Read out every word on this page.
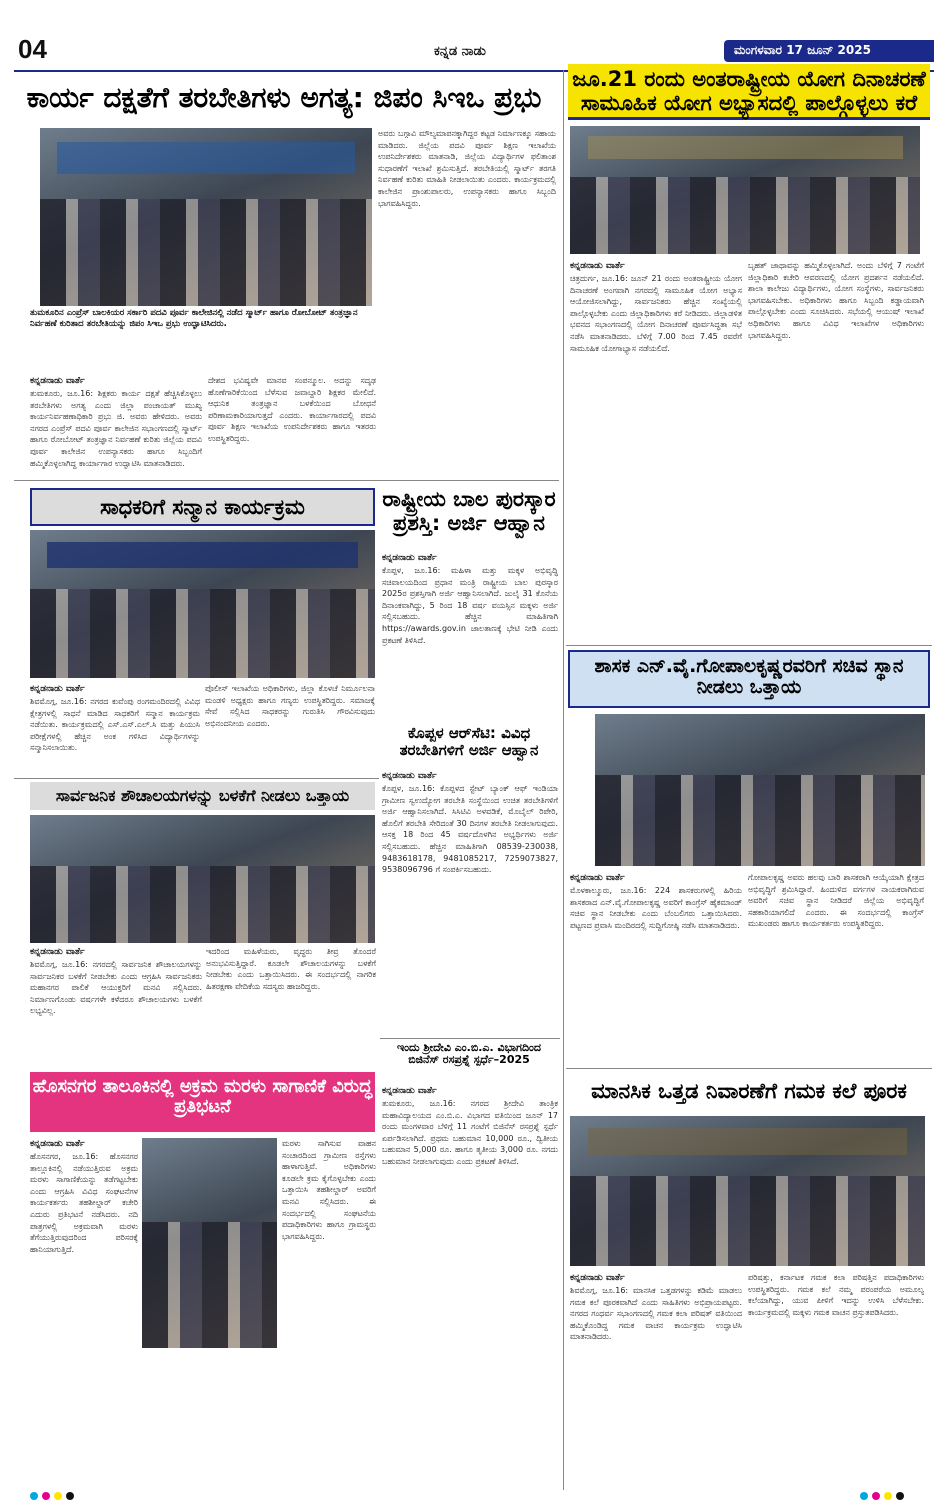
04	ಕನ್ನಡ ನಾಡು	ಮಂಗಳವಾರ 17 ಜೂನ್ 2025
ಕಾರ್ಯ ದಕ್ಷತೆಗೆ ತರಬೇತಿಗಳು ಅಗತ್ಯ: ಜಿಪಂ ಸಿಇಒ ಪ್ರಭು
ತುಮಕೂರಿನ ಎಂಪ್ರೆಸ್ ಬಾಲಕಿಯರ ಸರ್ಕಾರಿ ಪದವಿ ಪೂರ್ವ ಕಾಲೇಜಿನಲ್ಲಿ ನಡೆದ ಸ್ಮಾರ್ಟ್ ಹಾಗೂ ರೋಬೋಟ್ ತಂತ್ರಜ್ಞಾನ ನಿರ್ವಹಣೆ ಕುರಿತಾದ ತರಬೇತಿಯನ್ನು ಜಿಪಂ ಸಿಇಒ ಪ್ರಭು ಉದ್ಘಾಟಿಸಿದರು.
ಅವರು ಬಗ್ಗಾವಿ ಮೌಲ್ಯಮಾಪನಕ್ಕಾಗಿದ್ದರ ಕಟ್ಟಡ ನಿರ್ಮಾಣಕ್ಕೂ ಸಹಾಯ ಮಾಡಿದರು. ಜಿಲ್ಲೆಯ ಪದವಿ ಪೂರ್ವ ಶಿಕ್ಷಣ ಇಲಾಖೆಯ ಉಪನಿರ್ದೇಶಕರು ಮಾತನಾಡಿ, ಜಿಲ್ಲೆಯ ವಿದ್ಯಾರ್ಥಿಗಳ ಫಲಿತಾಂಶ ಸುಧಾರಣೆಗೆ ಇಲಾಖೆ ಶ್ರಮಿಸುತ್ತಿದೆ. ತರಬೇತಿಯಲ್ಲಿ ಸ್ಮಾರ್ಟ್ ತರಗತಿ ನಿರ್ವಹಣೆ ಕುರಿತು ಮಾಹಿತಿ ನೀಡಲಾಯಿತು ಎಂದರು. ಕಾರ್ಯಕ್ರಮದಲ್ಲಿ ಕಾಲೇಜಿನ ಪ್ರಾಂಶುಪಾಲರು, ಉಪನ್ಯಾಸಕರು ಹಾಗೂ ಸಿಬ್ಬಂದಿ ಭಾಗವಹಿಸಿದ್ದರು.
ಕನ್ನಡನಾಡು ವಾರ್ತೆ
ತುಮಕೂರು, ಜೂ.16: ಶಿಕ್ಷಕರು ಕಾರ್ಯ ದಕ್ಷತೆ ಹೆಚ್ಚಿಸಿಕೊಳ್ಳಲು ತರಬೇತಿಗಳು ಅಗತ್ಯ ಎಂದು ಜಿಲ್ಲಾ ಪಂಚಾಯತ್ ಮುಖ್ಯ ಕಾರ್ಯನಿರ್ವಹಣಾಧಿಕಾರಿ ಪ್ರಭು ಜಿ. ಅವರು ಹೇಳಿದರು. ಅವರು ನಗರದ ಎಂಪ್ರೆಸ್ ಪದವಿ ಪೂರ್ವ ಕಾಲೇಜಿನ ಸಭಾಂಗಣದಲ್ಲಿ ಸ್ಮಾರ್ಟ್ ಹಾಗೂ ರೋಬೋಟ್ ತಂತ್ರಜ್ಞಾನ ನಿರ್ವಹಣೆ ಕುರಿತು ಜಿಲ್ಲೆಯ ಪದವಿ ಪೂರ್ವ ಕಾಲೇಜಿನ ಉಪನ್ಯಾಸಕರು ಹಾಗೂ ಸಿಬ್ಬಂದಿಗೆ ಹಮ್ಮಿಕೊಳ್ಳಲಾಗಿದ್ದ ಕಾರ್ಯಾಗಾರ ಉದ್ಘಾಟಿಸಿ ಮಾತನಾಡಿದರು.
ದೇಶದ ಭವಿಷ್ಯವೇ ಮಾನವ ಸಂಪನ್ಮೂಲ. ಅದನ್ನು ಸದೃಢ ಹೊಣೆಗಾರಿಕೆಯಿಂದ ಬೆಳೆಸುವ ಜವಾಬ್ದಾರಿ ಶಿಕ್ಷಕರ ಮೇಲಿದೆ. ಆಧುನಿಕ ತಂತ್ರಜ್ಞಾನ ಬಳಕೆಯಿಂದ ಬೋಧನೆ ಪರಿಣಾಮಕಾರಿಯಾಗುತ್ತದೆ ಎಂದರು. ಕಾರ್ಯಾಗಾರದಲ್ಲಿ ಪದವಿ ಪೂರ್ವ ಶಿಕ್ಷಣ ಇಲಾಖೆಯ ಉಪನಿರ್ದೇಶಕರು ಹಾಗೂ ಇತರರು ಉಪಸ್ಥಿತರಿದ್ದರು.
ಜೂ.21 ರಂದು ಅಂತರಾಷ್ಟ್ರೀಯ ಯೋಗ ದಿನಾಚರಣೆ ಸಾಮೂಹಿಕ ಯೋಗ ಅಭ್ಯಾಸದಲ್ಲಿ ಪಾಲ್ಗೊಳ್ಳಲು ಕರೆ
ಕನ್ನಡನಾಡು ವಾರ್ತೆ
ಚಿತ್ರದುರ್ಗ, ಜೂ.16: ಜೂನ್ 21 ರಂದು ಅಂತರಾಷ್ಟ್ರೀಯ ಯೋಗ ದಿನಾಚರಣೆ ಅಂಗವಾಗಿ ನಗರದಲ್ಲಿ ಸಾಮೂಹಿಕ ಯೋಗ ಅಭ್ಯಾಸ ಆಯೋಜಿಸಲಾಗಿದ್ದು, ಸಾರ್ವಜನಿಕರು ಹೆಚ್ಚಿನ ಸಂಖ್ಯೆಯಲ್ಲಿ ಪಾಲ್ಗೊಳ್ಳಬೇಕು ಎಂದು ಜಿಲ್ಲಾಧಿಕಾರಿಗಳು ಕರೆ ನೀಡಿದರು. ಜಿಲ್ಲಾಡಳಿತ ಭವನದ ಸಭಾಂಗಣದಲ್ಲಿ ಯೋಗ ದಿನಾಚರಣೆ ಪೂರ್ವಸಿದ್ಧತಾ ಸಭೆ ನಡೆಸಿ ಮಾತನಾಡಿದರು. ಬೆಳಿಗ್ಗೆ 7.00 ರಿಂದ 7.45 ರವರೆಗೆ ಸಾಮೂಹಿಕ ಯೋಗಾಭ್ಯಾಸ ನಡೆಯಲಿದೆ.
ಬೃಹತ್ ಜಾಥಾವನ್ನು ಹಮ್ಮಿಕೊಳ್ಳಲಾಗಿದೆ. ಅಂದು ಬೆಳಿಗ್ಗೆ 7 ಗಂಟೆಗೆ ಜಿಲ್ಲಾಧಿಕಾರಿ ಕಚೇರಿ ಆವರಣದಲ್ಲಿ ಯೋಗ ಪ್ರದರ್ಶನ ನಡೆಯಲಿದೆ. ಶಾಲಾ ಕಾಲೇಜು ವಿದ್ಯಾರ್ಥಿಗಳು, ಯೋಗ ಸಂಸ್ಥೆಗಳು, ಸಾರ್ವಜನಿಕರು ಭಾಗವಹಿಸಬೇಕು. ಅಧಿಕಾರಿಗಳು ಹಾಗೂ ಸಿಬ್ಬಂದಿ ಕಡ್ಡಾಯವಾಗಿ ಪಾಲ್ಗೊಳ್ಳಬೇಕು ಎಂದು ಸೂಚಿಸಿದರು. ಸಭೆಯಲ್ಲಿ ಆಯುಷ್ ಇಲಾಖೆ ಅಧಿಕಾರಿಗಳು ಹಾಗೂ ವಿವಿಧ ಇಲಾಖೆಗಳ ಅಧಿಕಾರಿಗಳು ಭಾಗವಹಿಸಿದ್ದರು.
ಸಾಧಕರಿಗೆ ಸನ್ಮಾನ ಕಾರ್ಯಕ್ರಮ
ಕನ್ನಡನಾಡು ವಾರ್ತೆ
ಶಿವಮೊಗ್ಗ, ಜೂ.16: ನಗರದ ಕುವೆಂಪು ರಂಗಮಂದಿರದಲ್ಲಿ ವಿವಿಧ ಕ್ಷೇತ್ರಗಳಲ್ಲಿ ಸಾಧನೆ ಮಾಡಿದ ಸಾಧಕರಿಗೆ ಸನ್ಮಾನ ಕಾರ್ಯಕ್ರಮ ನಡೆಯಿತು. ಕಾರ್ಯಕ್ರಮದಲ್ಲಿ ಎಸ್.ಎಸ್.ಎಲ್.ಸಿ ಮತ್ತು ಪಿಯುಸಿ ಪರೀಕ್ಷೆಗಳಲ್ಲಿ ಹೆಚ್ಚಿನ ಅಂಕ ಗಳಿಸಿದ ವಿದ್ಯಾರ್ಥಿಗಳನ್ನು ಸನ್ಮಾನಿಸಲಾಯಿತು.
ಪೊಲೀಸ್ ಇಲಾಖೆಯ ಅಧಿಕಾರಿಗಳು, ಜಿಲ್ಲಾ ಕೊಳಚೆ ನಿರ್ಮೂಲನಾ ಮಂಡಳಿ ಅಧ್ಯಕ್ಷರು ಹಾಗೂ ಗಣ್ಯರು ಉಪಸ್ಥಿತರಿದ್ದರು. ಸಮಾಜಕ್ಕೆ ಸೇವೆ ಸಲ್ಲಿಸಿದ ಸಾಧಕರನ್ನು ಗುರುತಿಸಿ ಗೌರವಿಸುವುದು ಅಭಿನಂದನೀಯ ಎಂದರು.
ರಾಷ್ಟ್ರೀಯ ಬಾಲ ಪುರಸ್ಕಾರ ಪ್ರಶಸ್ತಿ: ಅರ್ಜಿ ಆಹ್ವಾನ
ಕನ್ನಡನಾಡು ವಾರ್ತೆ
ಕೊಪ್ಪಳ, ಜೂ.16: ಮಹಿಳಾ ಮತ್ತು ಮಕ್ಕಳ ಅಭಿವೃದ್ಧಿ ಸಚಿವಾಲಯದಿಂದ ಪ್ರಧಾನ ಮಂತ್ರಿ ರಾಷ್ಟ್ರೀಯ ಬಾಲ ಪುರಸ್ಕಾರ 2025ರ ಪ್ರಶಸ್ತಿಗಾಗಿ ಅರ್ಜಿ ಆಹ್ವಾನಿಸಲಾಗಿದೆ. ಜುಲೈ 31 ಕೊನೆಯ ದಿನಾಂಕವಾಗಿದ್ದು, 5 ರಿಂದ 18 ವರ್ಷ ವಯಸ್ಸಿನ ಮಕ್ಕಳು ಅರ್ಜಿ ಸಲ್ಲಿಸಬಹುದು. ಹೆಚ್ಚಿನ ಮಾಹಿತಿಗಾಗಿ https://awards.gov.in ಜಾಲತಾಣಕ್ಕೆ ಭೇಟಿ ನೀಡಿ ಎಂದು ಪ್ರಕಟಣೆ ತಿಳಿಸಿದೆ.
ಕೊಪ್ಪಳ ಆರ್‌ಸೆಟಿ: ವಿವಿಧ ತರಬೇತಿಗಳಿಗೆ ಅರ್ಜಿ ಆಹ್ವಾನ
ಕನ್ನಡನಾಡು ವಾರ್ತೆ
ಕೊಪ್ಪಳ, ಜೂ.16: ಕೊಪ್ಪಳದ ಸ್ಟೇಟ್ ಬ್ಯಾಂಕ್ ಆಫ್ ಇಂಡಿಯಾ ಗ್ರಾಮೀಣ ಸ್ವಉದ್ಯೋಗ ತರಬೇತಿ ಸಂಸ್ಥೆಯಿಂದ ಉಚಿತ ತರಬೇತಿಗಳಿಗೆ ಅರ್ಜಿ ಆಹ್ವಾನಿಸಲಾಗಿದೆ. ಸಿಸಿಟಿವಿ ಅಳವಡಿಕೆ, ಮೊಬೈಲ್ ರಿಪೇರಿ, ಹೊಲಿಗೆ ತರಬೇತಿ ಸೇರಿದಂತೆ 30 ದಿನಗಳ ತರಬೇತಿ ನೀಡಲಾಗುವುದು. ಆಸಕ್ತ 18 ರಿಂದ 45 ವರ್ಷದೊಳಗಿನ ಅಭ್ಯರ್ಥಿಗಳು ಅರ್ಜಿ ಸಲ್ಲಿಸಬಹುದು. ಹೆಚ್ಚಿನ ಮಾಹಿತಿಗಾಗಿ 08539-230038, 9483618178, 9481085217, 7259073827, 9538096796 ಗೆ ಸಂಪರ್ಕಿಸಬಹುದು.
ಸಾರ್ವಜನಿಕ ಶೌಚಾಲಯಗಳನ್ನು ಬಳಕೆಗೆ ನೀಡಲು ಒತ್ತಾಯ
ಕನ್ನಡನಾಡು ವಾರ್ತೆ
ಶಿವಮೊಗ್ಗ, ಜೂ.16: ನಗರದಲ್ಲಿ ಸಾರ್ವಜನಿಕ ಶೌಚಾಲಯಗಳನ್ನು ಸಾರ್ವಜನಿಕರ ಬಳಕೆಗೆ ನೀಡಬೇಕು ಎಂದು ಆಗ್ರಹಿಸಿ ಸಾರ್ವಜನಿಕರು ಮಹಾನಗರ ಪಾಲಿಕೆ ಆಯುಕ್ತರಿಗೆ ಮನವಿ ಸಲ್ಲಿಸಿದರು. ನಿರ್ಮಾಣಗೊಂಡು ವರ್ಷಗಳೇ ಕಳೆದರೂ ಶೌಚಾಲಯಗಳು ಬಳಕೆಗೆ ಲಭ್ಯವಿಲ್ಲ.
ಇದರಿಂದ ಮಹಿಳೆಯರು, ವೃದ್ಧರು ತೀವ್ರ ತೊಂದರೆ ಅನುಭವಿಸುತ್ತಿದ್ದಾರೆ. ಕೂಡಲೇ ಶೌಚಾಲಯಗಳನ್ನು ಬಳಕೆಗೆ ನೀಡಬೇಕು ಎಂದು ಒತ್ತಾಯಿಸಿದರು. ಈ ಸಂದರ್ಭದಲ್ಲಿ ನಾಗರಿಕ ಹಿತರಕ್ಷಣಾ ವೇದಿಕೆಯ ಸದಸ್ಯರು ಹಾಜರಿದ್ದರು.
ಶಾಸಕ ಎನ್.ವೈ.ಗೋಪಾಲಕೃಷ್ಣರವರಿಗೆ ಸಚಿವ ಸ್ಥಾನ ನೀಡಲು ಒತ್ತಾಯ
ಕನ್ನಡನಾಡು ವಾರ್ತೆ
ಮೊಳಕಾಲ್ಮೂರು, ಜೂ.16: 224 ಶಾಸಕರುಗಳಲ್ಲಿ ಹಿರಿಯ ಶಾಸಕರಾದ ಎನ್.ವೈ.ಗೋಪಾಲಕೃಷ್ಣ ಅವರಿಗೆ ಕಾಂಗ್ರೆಸ್ ಹೈಕಮಾಂಡ್ ಸಚಿವ ಸ್ಥಾನ ನೀಡಬೇಕು ಎಂದು ಬೆಂಬಲಿಗರು ಒತ್ತಾಯಿಸಿದರು. ಪಟ್ಟಣದ ಪ್ರವಾಸಿ ಮಂದಿರದಲ್ಲಿ ಸುದ್ದಿಗೋಷ್ಠಿ ನಡೆಸಿ ಮಾತನಾಡಿದರು.
ಗೋಪಾಲಕೃಷ್ಣ ಅವರು ಹಲವು ಬಾರಿ ಶಾಸಕರಾಗಿ ಆಯ್ಕೆಯಾಗಿ ಕ್ಷೇತ್ರದ ಅಭಿವೃದ್ಧಿಗೆ ಶ್ರಮಿಸಿದ್ದಾರೆ. ಹಿಂದುಳಿದ ವರ್ಗಗಳ ನಾಯಕರಾಗಿರುವ ಅವರಿಗೆ ಸಚಿವ ಸ್ಥಾನ ನೀಡಿದರೆ ಜಿಲ್ಲೆಯ ಅಭಿವೃದ್ಧಿಗೆ ಸಹಕಾರಿಯಾಗಲಿದೆ ಎಂದರು. ಈ ಸಂದರ್ಭದಲ್ಲಿ ಕಾಂಗ್ರೆಸ್ ಮುಖಂಡರು ಹಾಗೂ ಕಾರ್ಯಕರ್ತರು ಉಪಸ್ಥಿತರಿದ್ದರು.
ಇಂದು ಶ್ರೀದೇವಿ ಎಂ.ಬಿ.ಎ. ವಿಭಾಗದಿಂದ ಬಿಜಿನೆಸ್ ರಸಪ್ರಶ್ನೆ ಸ್ಪರ್ಧೆ–2025
ಕನ್ನಡನಾಡು ವಾರ್ತೆ
ತುಮಕೂರು, ಜೂ.16: ನಗರದ ಶ್ರೀದೇವಿ ತಾಂತ್ರಿಕ ಮಹಾವಿದ್ಯಾಲಯದ ಎಂ.ಬಿ.ಎ. ವಿಭಾಗದ ವತಿಯಿಂದ ಜೂನ್ 17 ರಂದು ಮಂಗಳವಾರ ಬೆಳಿಗ್ಗೆ 11 ಗಂಟೆಗೆ ಬಿಜಿನೆಸ್ ರಸಪ್ರಶ್ನೆ ಸ್ಪರ್ಧೆ ಏರ್ಪಡಿಸಲಾಗಿದೆ. ಪ್ರಥಮ ಬಹುಮಾನ 10,000 ರೂ., ದ್ವಿತೀಯ ಬಹುಮಾನ 5,000 ರೂ. ಹಾಗೂ ತೃತೀಯ 3,000 ರೂ. ನಗದು ಬಹುಮಾನ ನೀಡಲಾಗುವುದು ಎಂದು ಪ್ರಕಟಣೆ ತಿಳಿಸಿದೆ.
ಹೊಸನಗರ ತಾಲೂಕಿನಲ್ಲಿ ಅಕ್ರಮ ಮರಳು ಸಾಗಾಣಿಕೆ ವಿರುದ್ಧ ಪ್ರತಿಭಟನೆ
ಕನ್ನಡನಾಡು ವಾರ್ತೆ
ಹೊಸನಗರ, ಜೂ.16: ಹೊಸನಗರ ತಾಲ್ಲೂಕಿನಲ್ಲಿ ನಡೆಯುತ್ತಿರುವ ಅಕ್ರಮ ಮರಳು ಸಾಗಾಣಿಕೆಯನ್ನು ತಡೆಗಟ್ಟಬೇಕು ಎಂದು ಆಗ್ರಹಿಸಿ ವಿವಿಧ ಸಂಘಟನೆಗಳ ಕಾರ್ಯಕರ್ತರು ತಹಶೀಲ್ದಾರ್ ಕಚೇರಿ ಎದುರು ಪ್ರತಿಭಟನೆ ನಡೆಸಿದರು. ನದಿ ಪಾತ್ರಗಳಲ್ಲಿ ಅಕ್ರಮವಾಗಿ ಮರಳು ತೆಗೆಯುತ್ತಿರುವುದರಿಂದ ಪರಿಸರಕ್ಕೆ ಹಾನಿಯಾಗುತ್ತಿದೆ.
ಮರಳು ಸಾಗಿಸುವ ವಾಹನ ಸಂಚಾರದಿಂದ ಗ್ರಾಮೀಣ ರಸ್ತೆಗಳು ಹಾಳಾಗುತ್ತಿವೆ. ಅಧಿಕಾರಿಗಳು ಕೂಡಲೇ ಕ್ರಮ ಕೈಗೊಳ್ಳಬೇಕು ಎಂದು ಒತ್ತಾಯಿಸಿ ತಹಶೀಲ್ದಾರ್ ಅವರಿಗೆ ಮನವಿ ಸಲ್ಲಿಸಿದರು. ಈ ಸಂದರ್ಭದಲ್ಲಿ ಸಂಘಟನೆಯ ಪದಾಧಿಕಾರಿಗಳು ಹಾಗೂ ಗ್ರಾಮಸ್ಥರು ಭಾಗವಹಿಸಿದ್ದರು.
ಮಾನಸಿಕ ಒತ್ತಡ ನಿವಾರಣೆಗೆ ಗಮಕ ಕಲೆ ಪೂರಕ
ಕನ್ನಡನಾಡು ವಾರ್ತೆ
ಶಿವಮೊಗ್ಗ, ಜೂ.16: ಮಾನಸಿಕ ಒತ್ತಡಗಳನ್ನು ಕಡಿಮೆ ಮಾಡಲು ಗಮಕ ಕಲೆ ಪೂರಕವಾಗಿದೆ ಎಂದು ಸಾಹಿತಿಗಳು ಅಭಿಪ್ರಾಯಪಟ್ಟರು. ನಗರದ ಗಂಧರ್ವ ಸಭಾಂಗಣದಲ್ಲಿ ಗಮಕ ಕಲಾ ಪರಿಷತ್ ವತಿಯಿಂದ ಹಮ್ಮಿಕೊಂಡಿದ್ದ ಗಮಕ ವಾಚನ ಕಾರ್ಯಕ್ರಮ ಉದ್ಘಾಟಿಸಿ ಮಾತನಾಡಿದರು.
ಪರಿಷತ್ತು, ಕರ್ನಾಟಕ ಗಮಕ ಕಲಾ ಪರಿಷತ್ತಿನ ಪದಾಧಿಕಾರಿಗಳು ಉಪಸ್ಥಿತರಿದ್ದರು. ಗಮಕ ಕಲೆ ನಮ್ಮ ಪರಂಪರೆಯ ಅಮೂಲ್ಯ ಕಲೆಯಾಗಿದ್ದು, ಯುವ ಪೀಳಿಗೆ ಇದನ್ನು ಉಳಿಸಿ ಬೆಳೆಸಬೇಕು. ಕಾರ್ಯಕ್ರಮದಲ್ಲಿ ಮಕ್ಕಳು ಗಮಕ ವಾಚನ ಪ್ರಸ್ತುತಪಡಿಸಿದರು.
